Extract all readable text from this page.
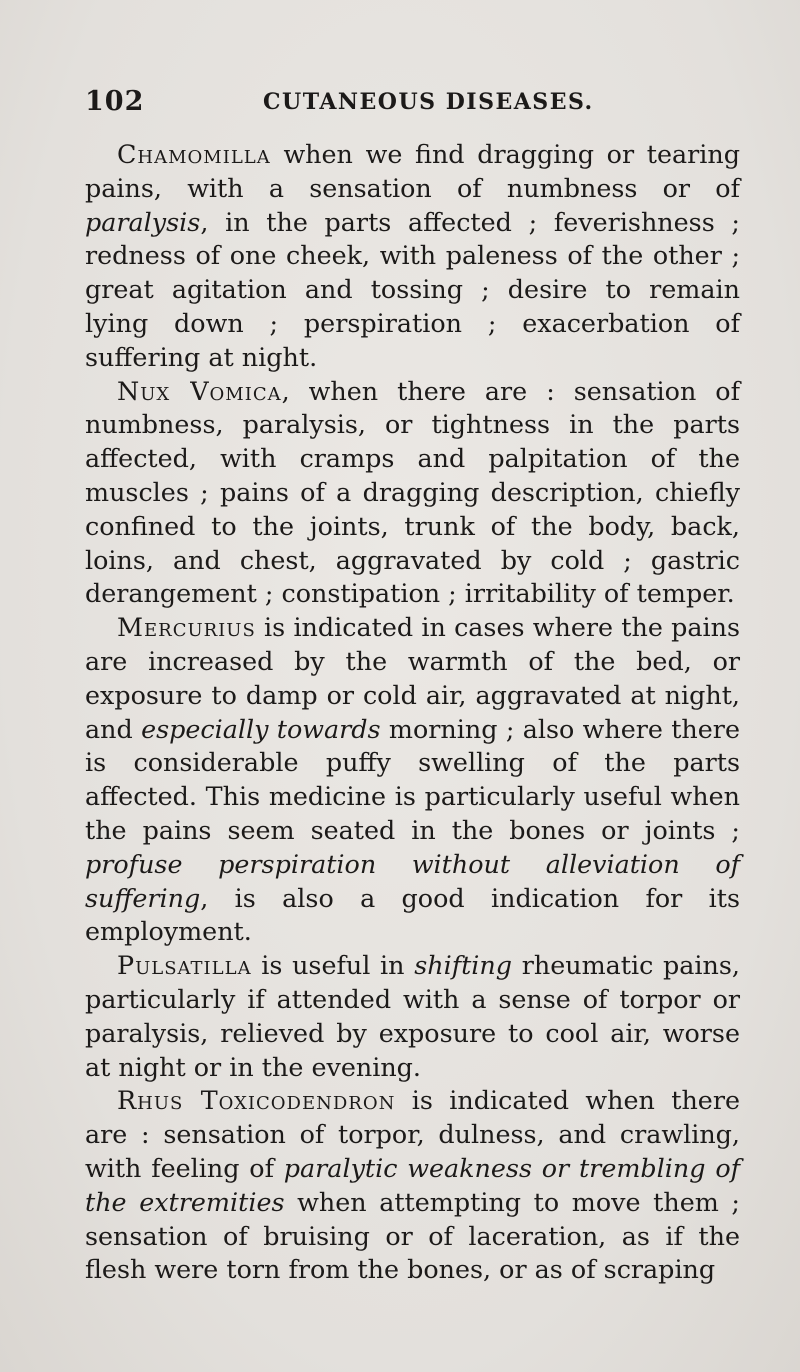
102	CUTANEOUS DISEASES.

Chamomilla when we find dragging or tearing pains, with a sensation of numbness or of paralysis, in the parts affected ; feverishness ; redness of one cheek, with paleness of the other ; great agitation and tossing ; desire to remain lying down ; perspiration ; exacerbation of suffering at night.

Nux Vomica, when there are : sensation of numbness, paralysis, or tightness in the parts affected, with cramps and palpitation of the muscles ; pains of a dragging description, chiefly confined to the joints, trunk of the body, back, loins, and chest, aggravated by cold ; gastric derangement ; constipation ; irritability of temper.

Mercurius is indicated in cases where the pains are increased by the warmth of the bed, or exposure to damp or cold air, aggravated at night, and especially towards morning ; also where there is considerable puffy swelling of the parts affected. This medicine is particularly useful when the pains seem seated in the bones or joints ; profuse perspiration without alleviation of suffering, is also a good indication for its employment.

Pulsatilla is useful in shifting rheumatic pains, particularly if attended with a sense of torpor or paralysis, relieved by exposure to cool air, worse at night or in the evening.

Rhus Toxicodendron is indicated when there are : sensation of torpor, dulness, and crawling, with feeling of paralytic weakness or trembling of the extremities when attempting to move them ; sensation of bruising or of laceration, as if the flesh were torn from the bones, or as of scraping
